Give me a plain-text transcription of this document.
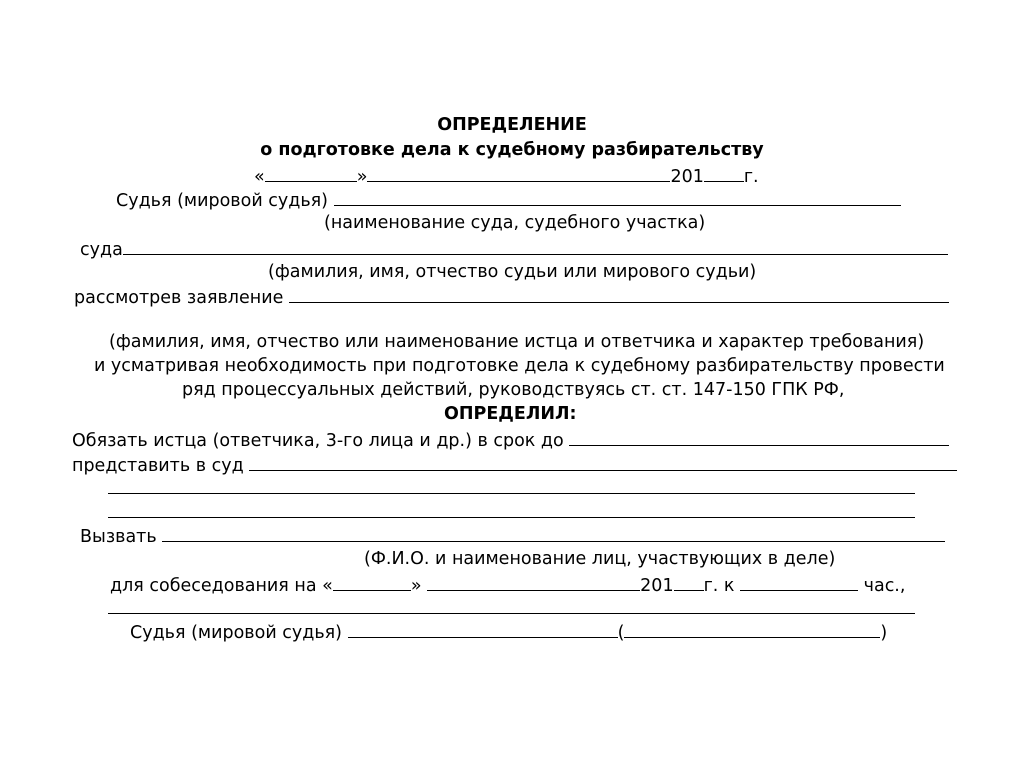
ОПРЕДЕЛЕНИЕ
о подготовке дела к судебному разбирательству
«	»	201 г.
Судья (мировой судья)
(наименование суда, судебного участка)
суда
(фамилия, имя, отчество судьи или мирового судьи)
рассмотрев заявление
(фамилия, имя, отчество или наименование истца и ответчика и характер требования)
и усматривая необходимость при подготовке дела к судебному разбирательству провести
ряд процессуальных действий, руководствуясь ст. ст. 147-150 ГПК РФ,
ОПРЕДЕЛИЛ:
Обязать истца (ответчика, 3-го лица и др.) в срок до
представить в суд
Вызвать
(Ф.И.О. и наименование лиц, участвующих в деле)
для собеседования на «	»	201 г. к	час.,
Судья (мировой судья)	(	)
